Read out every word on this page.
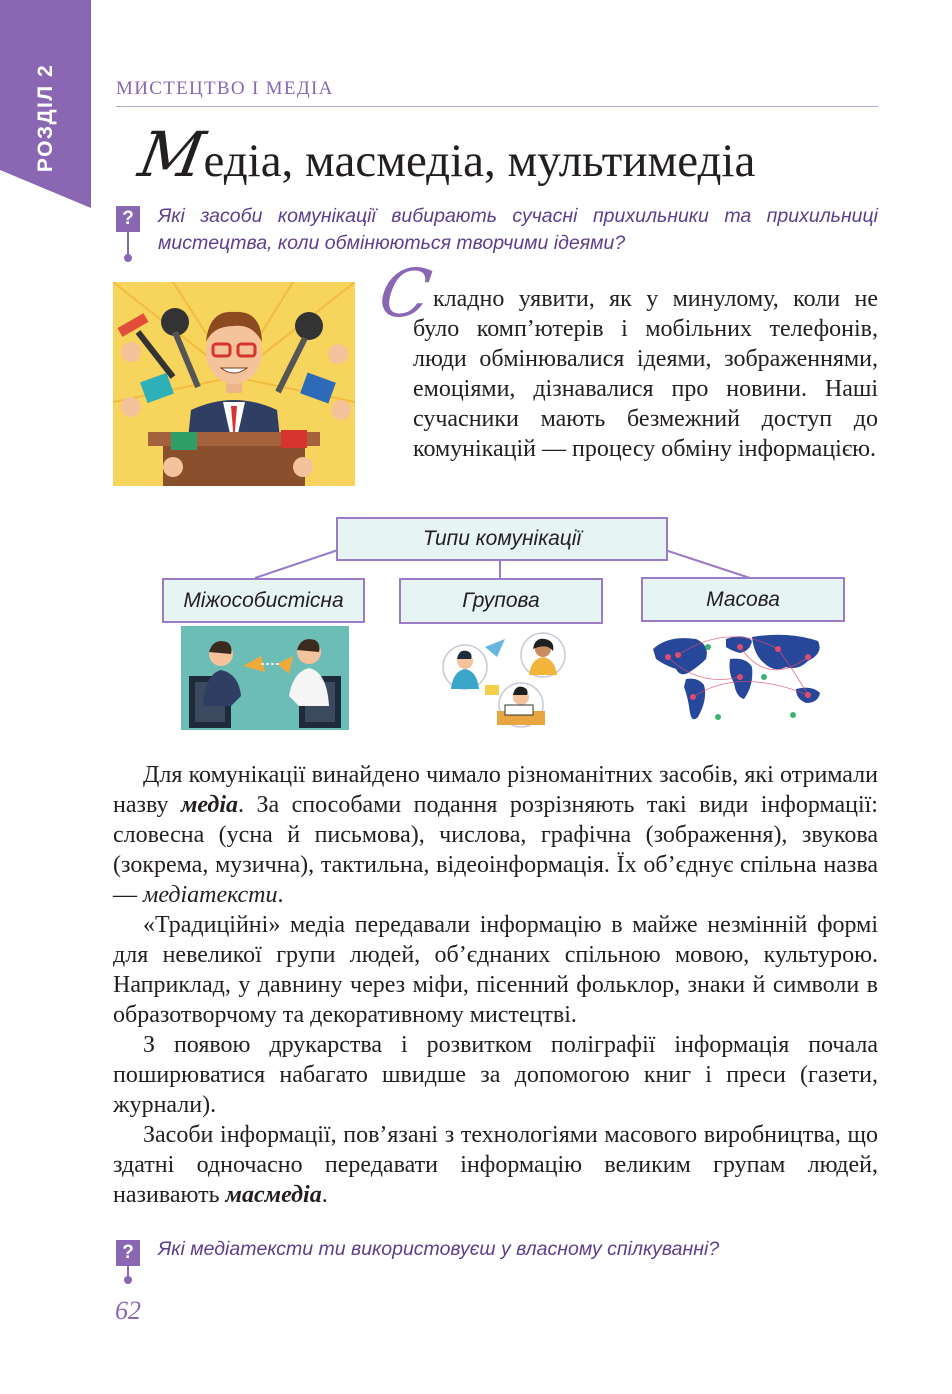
РОЗДІЛ 2	МИСТЕЦТВО І МЕДІА
Медіа, масмедіа, мультимедіа
?	Які засоби комунікації вибирають сучасні прихильники та прихильниці мистецтва, коли обмінюються творчими ідеями?
С
кладно уявити, як у минулому, коли не було комп’ютерів і мобільних телефонів, люди обмінювалися ідеями, зображеннями, емоціями, дізнавалися про новини. Наші сучасники мають безмежний доступ до комунікацій — процесу обміну інформацією.
Типи комунікації
Міжособистісна	Групова	Масова

Для комунікації винайдено чимало різноманітних засобів, які отримали назву медіа. За способами подання розрізняють такі види інформації: словесна (усна й письмова), числова, графічна (зображення), звукова (зокрема, музична), тактильна, відеоінформація. Їх об’єднує спільна назва — медіатексти.

«Традиційні» медіа передавали інформацію в майже незмінній формі для невеликої групи людей, об’єднаних спільною мовою, культурою. Наприклад, у давнину через міфи, пісенний фольклор, знаки й символи в образотворчому та декоративному мистецтві.

З появою друкарства і розвитком поліграфії інформація почала поширюватися набагато швидше за допомогою книг і преси (газети, журнали).

Засоби інформації, пов’язані з технологіями масового виробництва, що здатні одночасно передавати інформацію великим групам людей, називають масмедіа.

?	Які медіатексти ти використовуєш у власному спілкуванні?
62
